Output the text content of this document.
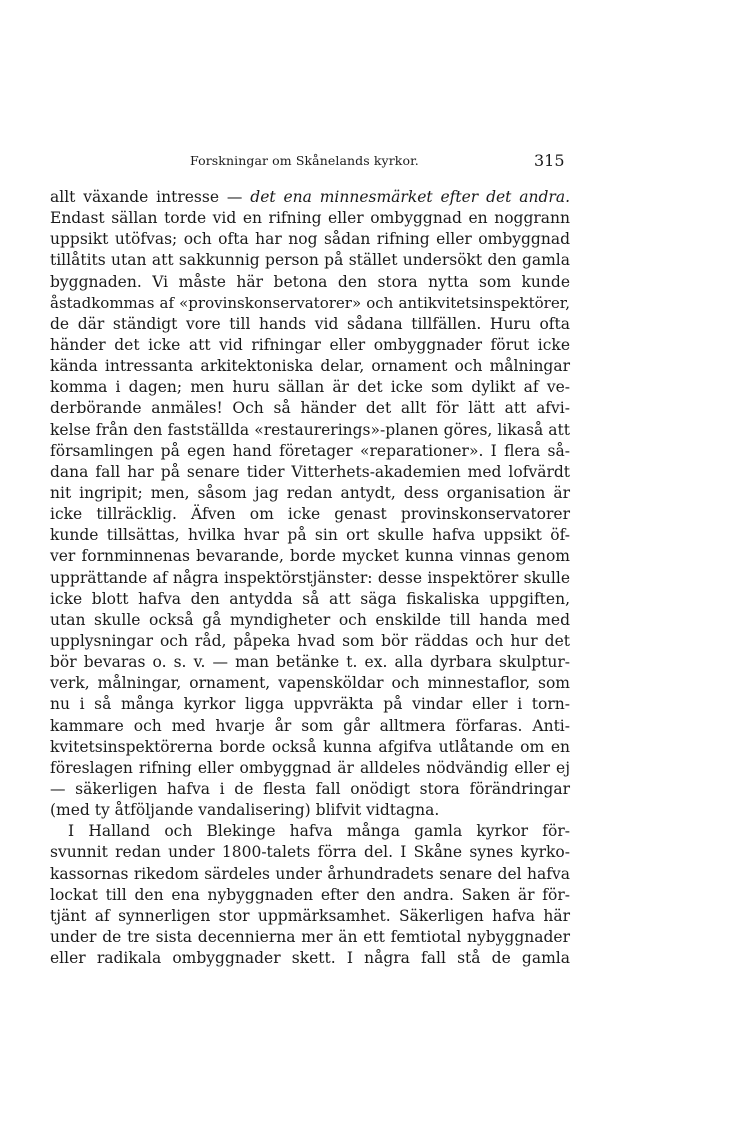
Forskningar om Skånelands kyrkor.	315
allt växande intresse — det ena minnesmärket efter det andra.
Endast sällan torde vid en rifning eller ombyggnad en noggrann
uppsikt utöfvas; och ofta har nog sådan rifning eller ombyggnad
tillåtits utan att sakkunnig person på stället undersökt den gamla
byggnaden. Vi måste här betona den stora nytta som kunde
åstadkommas af «provinskonservatorer» och antikvitetsinspektörer,
de där ständigt vore till hands vid sådana tillfällen. Huru ofta
händer det icke att vid rifningar eller ombyggnader förut icke
kända intressanta arkitektoniska delar, ornament och målningar
komma i dagen; men huru sällan är det icke som dylikt af ve-
derbörande anmäles! Och så händer det allt för lätt att afvi-
kelse från den fastställda «restaurerings»-planen göres, likaså att
församlingen på egen hand företager «reparationer». I flera så-
dana fall har på senare tider Vitterhets-akademien med lofvärdt
nit ingripit; men, såsom jag redan antydt, dess organisation är
icke tillräcklig. Äfven om icke genast provinskonservatorer
kunde tillsättas, hvilka hvar på sin ort skulle hafva uppsikt öf-
ver fornminnenas bevarande, borde mycket kunna vinnas genom
upprättande af några inspektörstjänster: desse inspektörer skulle
icke blott hafva den antydda så att säga fiskaliska uppgiften,
utan skulle också gå myndigheter och enskilde till handa med
upplysningar och råd, påpeka hvad som bör räddas och hur det
bör bevaras o. s. v. — man betänke t. ex. alla dyrbara skulptur-
verk, målningar, ornament, vapensköldar och minnestaflor, som
nu i så många kyrkor ligga uppvräkta på vindar eller i torn-
kammare och med hvarje år som går alltmera förfaras. Anti-
kvitetsinspektörerna borde också kunna afgifva utlåtande om en
föreslagen rifning eller ombyggnad är alldeles nödvändig eller ej
— säkerligen hafva i de flesta fall onödigt stora förändringar
(med ty åtföljande vandalisering) blifvit vidtagna.
I Halland och Blekinge hafva många gamla kyrkor för-
svunnit redan under 1800-talets förra del. I Skåne synes kyrko-
kassornas rikedom särdeles under århundradets senare del hafva
lockat till den ena nybyggnaden efter den andra. Saken är för-
tjänt af synnerligen stor uppmärksamhet. Säkerligen hafva här
under de tre sista decennierna mer än ett femtiotal nybyggnader
eller radikala ombyggnader skett. I några fall stå de gamla
